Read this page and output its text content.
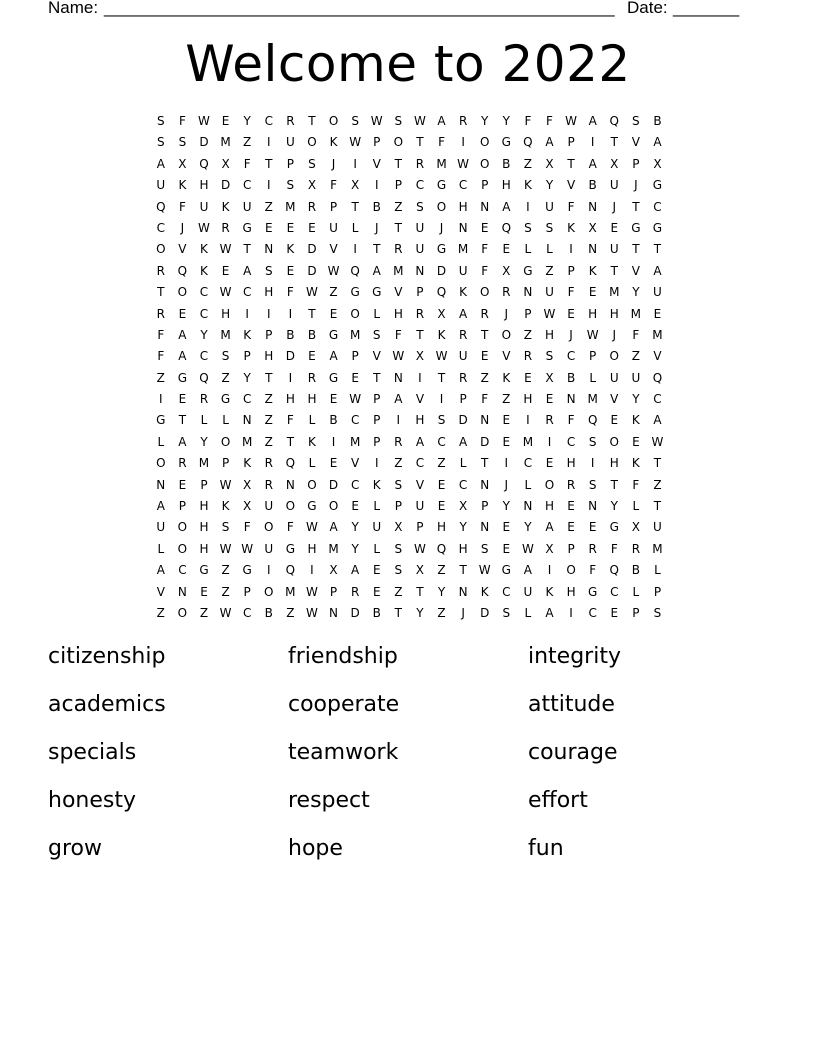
Name: ______________________________________________________ Date: _______
Welcome to 2022
S	F	W E	Y	C	R	T	O	S W S W A	R	Y	Y	F	F	W A	Q	S	B
S	S	D M	Z	I	U	O	K W	P	O	T	F	I	O	G	Q	A	P	I	T	V	A
A	X	Q	X	F	T	P	S	J	I	V	T	R	M W O	B	Z	X	T	A	X	P	X
U	K	H	D	C	I	S	X	F	X	I	P	C	G	C	P	H	K	Y	V	B	U	J	G
Q	F	U	K	U	Z	M	R	P	T	B	Z	S	O	H	N	A	I	U	F	N	J	T	C
C	J	W R	G	E	E	E	U	L	J	T	U	J	N	E	Q	S	S	K	X	E	G	G
O	V	K W T	N	K	D	V	I	T	R	U	G M	F	E	L	L	I	N	U	T	T
R	Q	K	E	A	S	E	D W Q	A	M N	D	U	F	X	G	Z	P	K	T	V	A
T	O	C W C	H	F	W Z	G	G	V	P	Q	K	O	R	N	U	F	E	M	Y	U
R	E	C	H	I	I	I	T	E	O	L	H	R	X	A	R	J	P	W E	H	H M	E
F	A	Y	M	K	P	B	B	G M	S	F	T	K	R	T	O	Z	H	J	W	J	F	M
F	A	C	S	P	H	D	E	A	P	V W X W U	E	V	R	S	C	P	O	Z	V
Z	G	Q	Z	Y	T	I	R	G	E	T	N	I	T	R	Z	K	E	X	B	L	U	U	Q
I	E	R	G	C	Z	H	H	E W	P	A	V	I	P	F	Z	H	E	N M	V	Y	C
G	T	L	L	N	Z	F	L	B	C	P	I	H	S	D	N	E	I	R	F	Q	E	K	A
L	A	Y	O M	Z	T	K	I	M	P	R	A	C	A	D	E	M	I	C	S	O	E W
O	R	M	P	K	R	Q	L	E	V	I	Z	C	Z	L	T	I	C	E	H	I	H	K	T
N	E	P	W X	R	N	O	D	C	K	S	V	E	C	N	J	L	O	R	S	T	F	Z
A	P	H	K	X	U	O	G	O	E	L	P	U	E	X	P	Y	N	H	E	N	Y	L	T
U	O	H	S	F	O	F	W A	Y	U	X	P	H	Y	N	E	Y	A	E	E	G	X	U
L	O	H W W U	G	H M	Y	L	S W Q	H	S	E W X	P	R	F	R	M
A	C	G	Z	G	I	Q	I	X	A	E	S	X	Z	T W G	A	I	O	F	Q	B	L
V	N	E	Z	P	O M W	P	R	E	Z	T	Y	N	K	C	U	K	H	G	C	L	P
Z	O	Z W C	B	Z W N	D	B	T	Y	Z	J	D	S	L	A	I	C	E	P	S
citizenship	friendship	integrity
academics	cooperate	attitude
specials	teamwork	courage
honesty	respect	effort
grow	hope	fun
